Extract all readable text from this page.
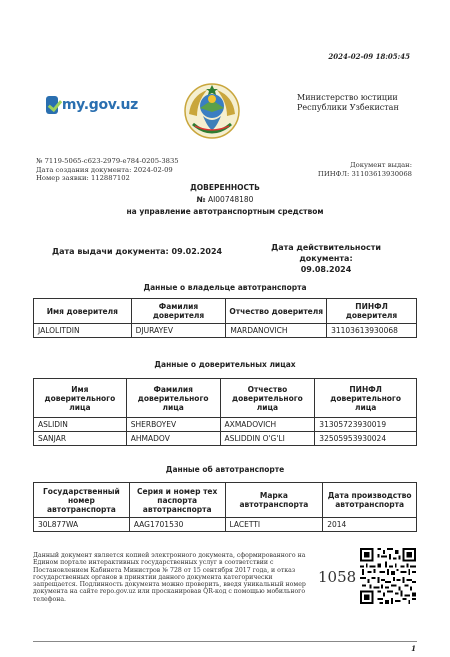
2024-02-09 18:05:45
my.gov.uz	Министерство юстиции
Республики Узбекистан
№ 7119-5065-c623-2979-e784-0205-3835
Дата создания документа: 2024-02-09
Номер заявки: 112887102
Документ выдан:
ПИНФЛ: 31103613930068
ДОВЕРЕННОСТЬ
№ AI00748180
на управление автотранспортным средством
Дата выдачи документа: 09.02.2024	Дата действительности документа:
09.08.2024
Данные о владельце автотранспорта
Имя доверителя	Фамилия доверителя	Отчество доверителя	ПИНФЛ доверителя
JALOLITDIN	DJURAYEV	MARDANOVICH	31103613930068
Данные о доверительных лицах
Имя доверительного лица	Фамилия доверительного лица	Отчество доверительного лица	ПИНФЛ доверительного лица
ASLIDIN	SHERBOYEV	AXMADOVICH	31305723930019
SANJAR	AHMADOV	ASLIDDIN O'G'LI	32505953930024
Данные об автотранспорте
Государственный номер автотранспорта	Серия и номер тех паспорта автотранспорта	Марка автотранспорта	Дата производство автотранспорта
30L877WA	AAG1701530	LACETTI	2014
Данный документ является копией электронного документа, сформированного на Едином портале интерактивных государственных услуг в соответствии с Постановлением Кабинета Министров № 728 от 15 сентября 2017 года, и отказ государственных органов в принятии данного документа категорически запрещается. Подлинность документа можно проверить, введя уникальный номер документа на сайте repo.gov.uz или просканировав QR-код с помощью мобильного телефона.
1058
1
